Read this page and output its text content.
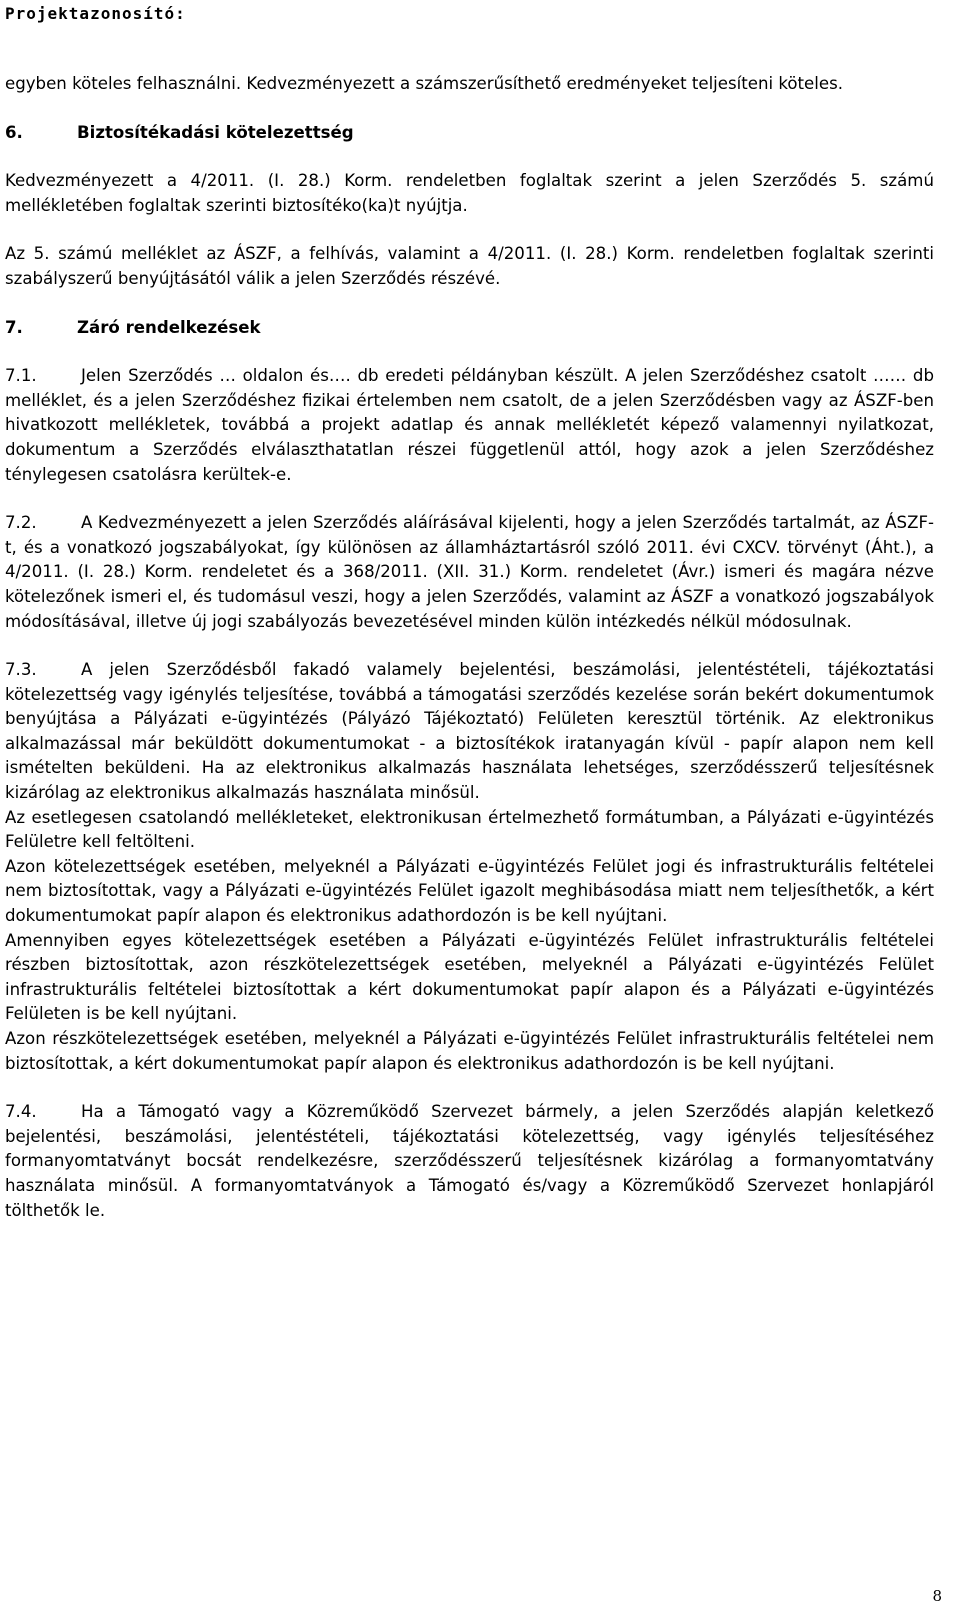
Projektazonosító:

egyben köteles felhasználni. Kedvezményezett a számszerűsíthető eredményeket teljesíteni köteles.

6.	Biztosítékadási kötelezettség

Kedvezményezett a 4/2011. (I. 28.) Korm. rendeletben foglaltak szerint a jelen Szerződés 5. számú mellékletében foglaltak szerinti biztosítéko(ka)t nyújtja.

Az 5. számú melléklet az ÁSZF, a felhívás, valamint a 4/2011. (I. 28.) Korm. rendeletben foglaltak szerinti szabályszerű benyújtásától válik a jelen Szerződés részévé.

7.	Záró rendelkezések

7.1.	Jelen Szerződés … oldalon és…. db eredeti példányban készült. A jelen Szerződéshez csatolt …… db melléklet, és a jelen Szerződéshez fizikai értelemben nem csatolt, de a jelen Szerződésben vagy az ÁSZF-ben hivatkozott mellékletek, továbbá a projekt adatlap és annak mellékletét képező valamennyi nyilatkozat, dokumentum a Szerződés elválaszthatatlan részei függetlenül attól, hogy azok a jelen Szerződéshez ténylegesen csatolásra kerültek-e.

7.2.	A Kedvezményezett a jelen Szerződés aláírásával kijelenti, hogy a jelen Szerződés tartalmát, az ÁSZF-t, és a vonatkozó jogszabályokat, így különösen az államháztartásról szóló 2011. évi CXCV. törvényt (Áht.), a 4/2011. (I. 28.) Korm. rendeletet és a 368/2011. (XII. 31.) Korm. rendeletet (Ávr.) ismeri és magára nézve kötelezőnek ismeri el, és tudomásul veszi, hogy a jelen Szerződés, valamint az ÁSZF a vonatkozó jogszabályok módosításával, illetve új jogi szabályozás bevezetésével minden külön intézkedés nélkül módosulnak.

7.3.	A jelen Szerződésből fakadó valamely bejelentési, beszámolási, jelentéstételi, tájékoztatási kötelezettség vagy igénylés teljesítése, továbbá a támogatási szerződés kezelése során bekért dokumentumok benyújtása a Pályázati e-ügyintézés (Pályázó Tájékoztató) Felületen keresztül történik. Az elektronikus alkalmazással már beküldött dokumentumokat - a biztosítékok iratanyagán kívül - papír alapon nem kell ismételten beküldeni. Ha az elektronikus alkalmazás használata lehetséges, szerződésszerű teljesítésnek kizárólag az elektronikus alkalmazás használata minősül.

Az esetlegesen csatolandó mellékleteket, elektronikusan értelmezhető formátumban, a Pályázati e-ügyintézés Felületre kell feltölteni.

Azon kötelezettségek esetében, melyeknél a Pályázati e-ügyintézés Felület jogi és infrastrukturális feltételei nem biztosítottak, vagy a Pályázati e-ügyintézés Felület igazolt meghibásodása miatt nem teljesíthetők, a kért dokumentumokat papír alapon és elektronikus adathordozón is be kell nyújtani.

Amennyiben egyes kötelezettségek esetében a Pályázati e-ügyintézés Felület infrastrukturális feltételei részben biztosítottak, azon részkötelezettségek esetében, melyeknél a Pályázati e-ügyintézés Felület infrastrukturális feltételei biztosítottak a kért dokumentumokat papír alapon és a Pályázati e-ügyintézés Felületen is be kell nyújtani.

Azon részkötelezettségek esetében, melyeknél a Pályázati e-ügyintézés Felület infrastrukturális feltételei nem biztosítottak, a kért dokumentumokat papír alapon és elektronikus adathordozón is be kell nyújtani.

7.4.	Ha a Támogató vagy a Közreműködő Szervezet bármely, a jelen Szerződés alapján keletkező bejelentési, beszámolási, jelentéstételi, tájékoztatási kötelezettség, vagy igénylés teljesítéséhez formanyomtatványt bocsát rendelkezésre, szerződésszerű teljesítésnek kizárólag a formanyomtatvány használata minősül. A formanyomtatványok a Támogató és/vagy a Közreműködő Szervezet honlapjáról tölthetők le.

8
